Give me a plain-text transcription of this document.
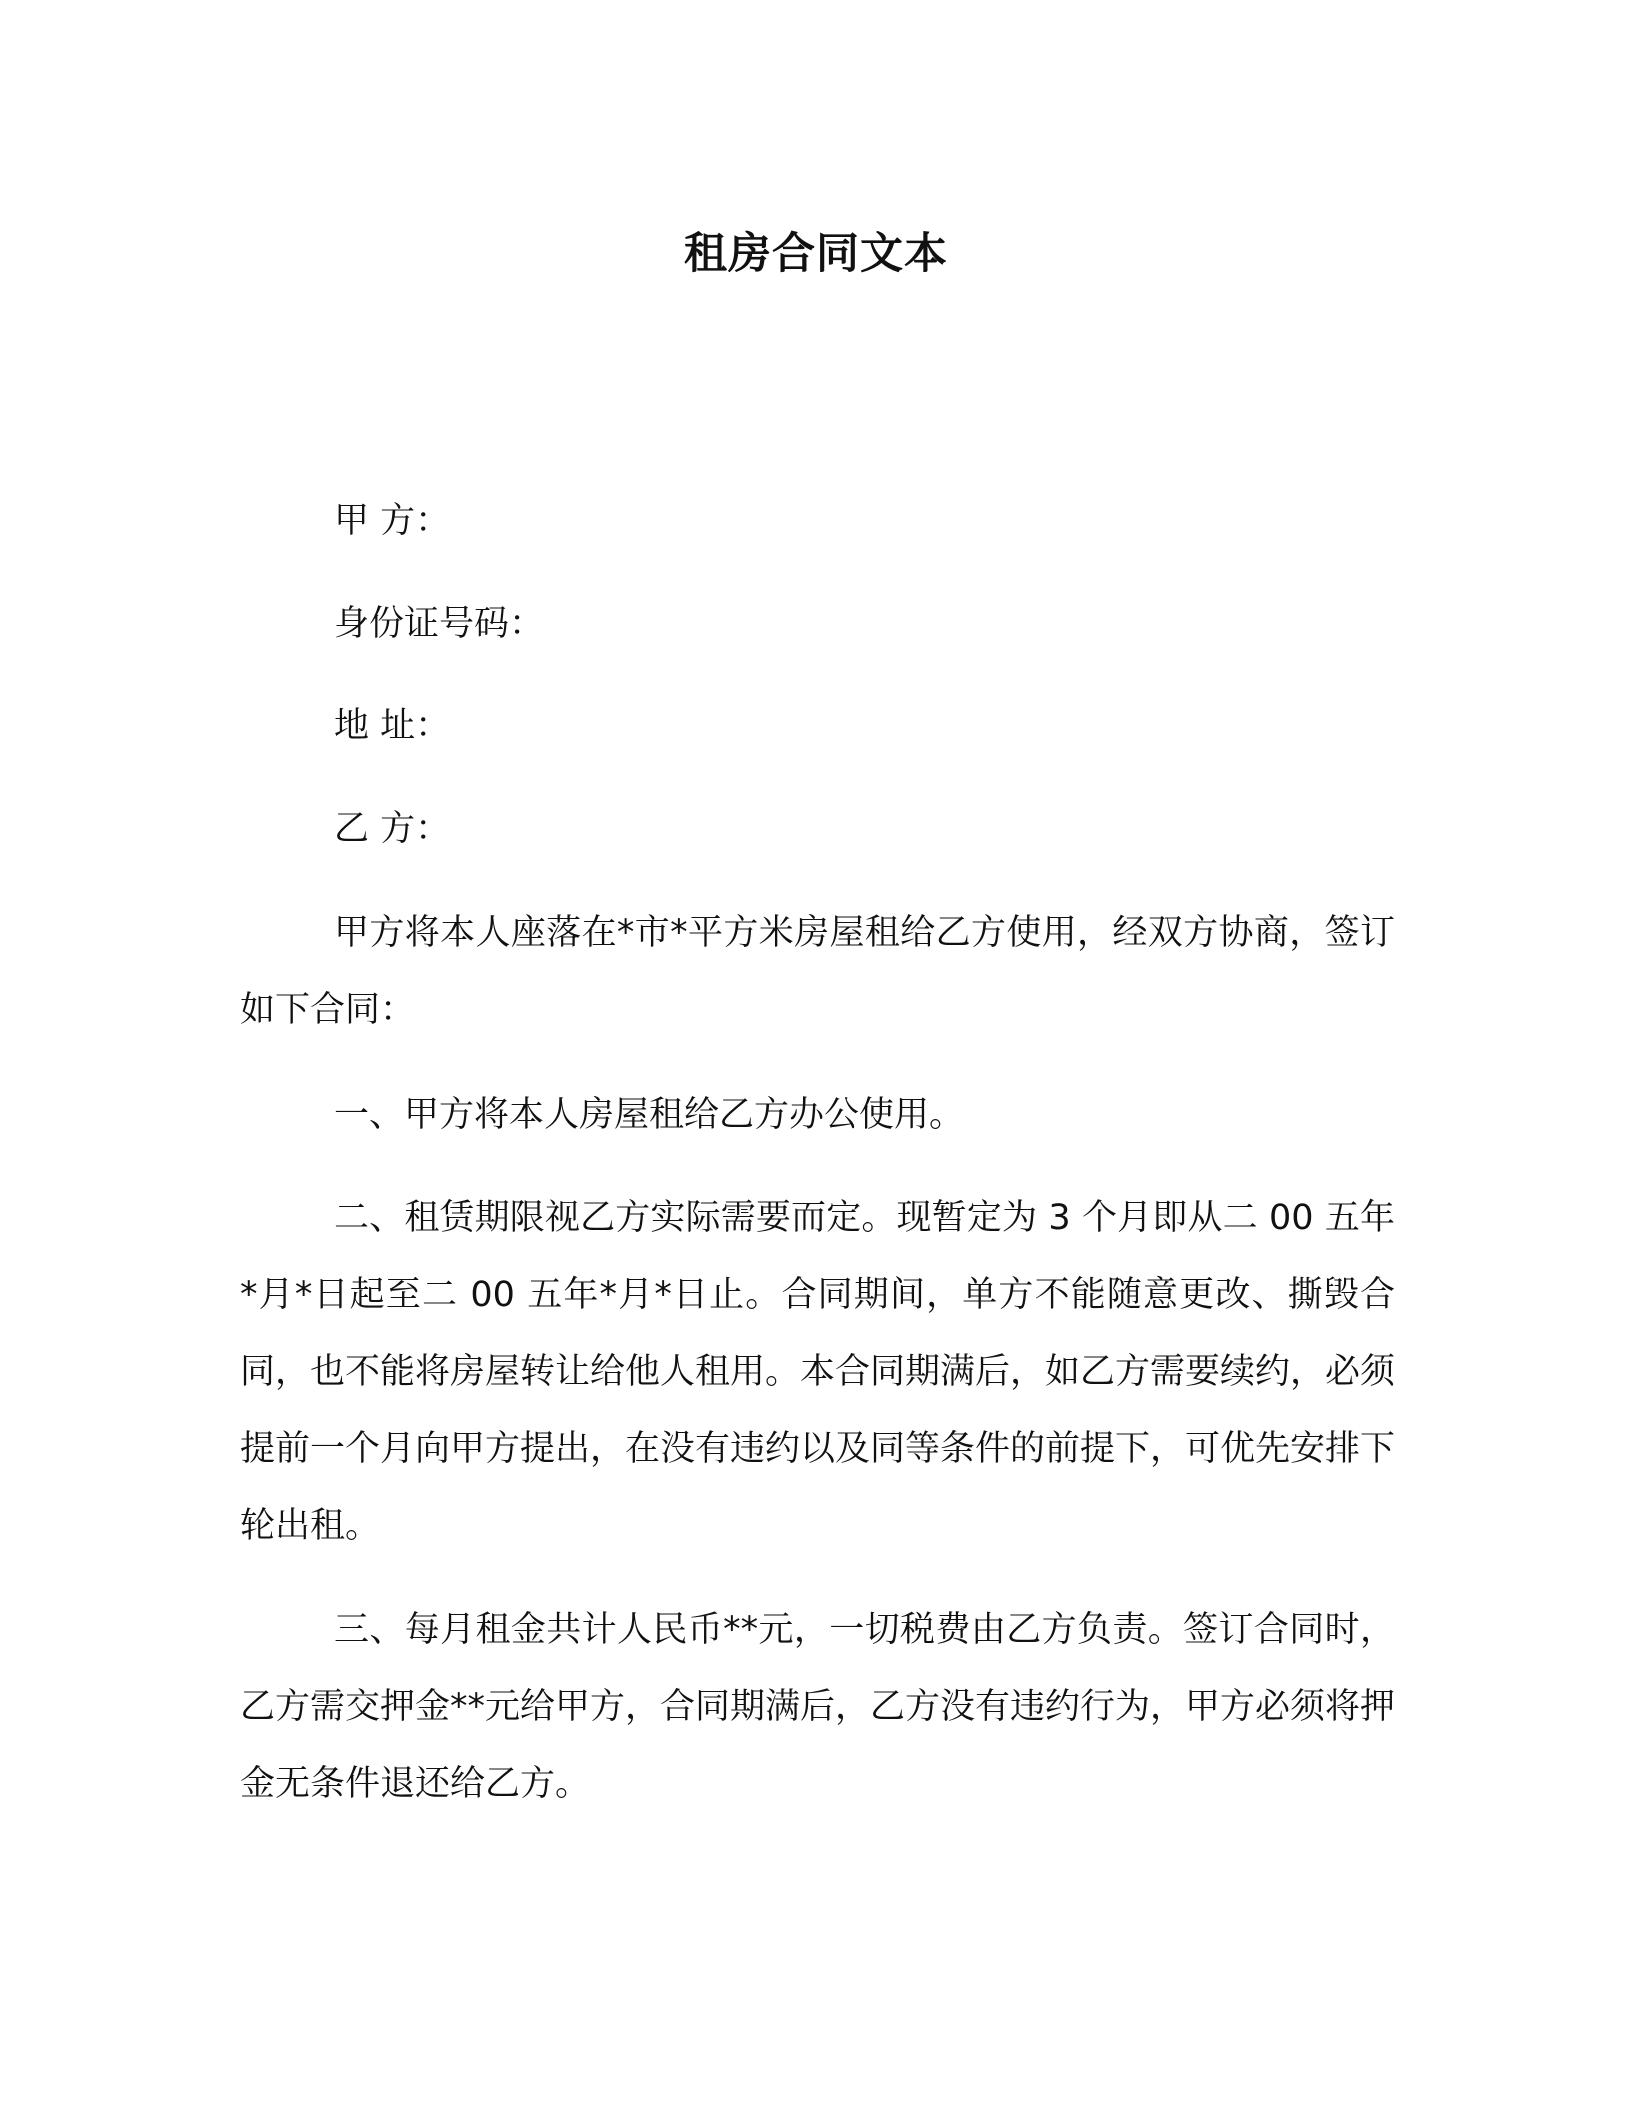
租房合同文本
甲 方：
身份证号码：
地 址：
乙 方：
甲方将本人座落在*市*平方米房屋租给乙方使用，经双方协商，签订如下合同：
一、甲方将本人房屋租给乙方办公使用。
二、租赁期限视乙方实际需要而定。现暂定为 3 个月即从二 00 五年*月*日起至二 00 五年*月*日止。合同期间，单方不能随意更改、撕毁合同，也不能将房屋转让给他人租用。本合同期满后，如乙方需要续约，必须提前一个月向甲方提出，在没有违约以及同等条件的前提下，可优先安排下轮出租。
三、每月租金共计人民币**元，一切税费由乙方负责。签订合同时，乙方需交押金**元给甲方，合同期满后，乙方没有违约行为，甲方必须将押金无条件退还给乙方。
